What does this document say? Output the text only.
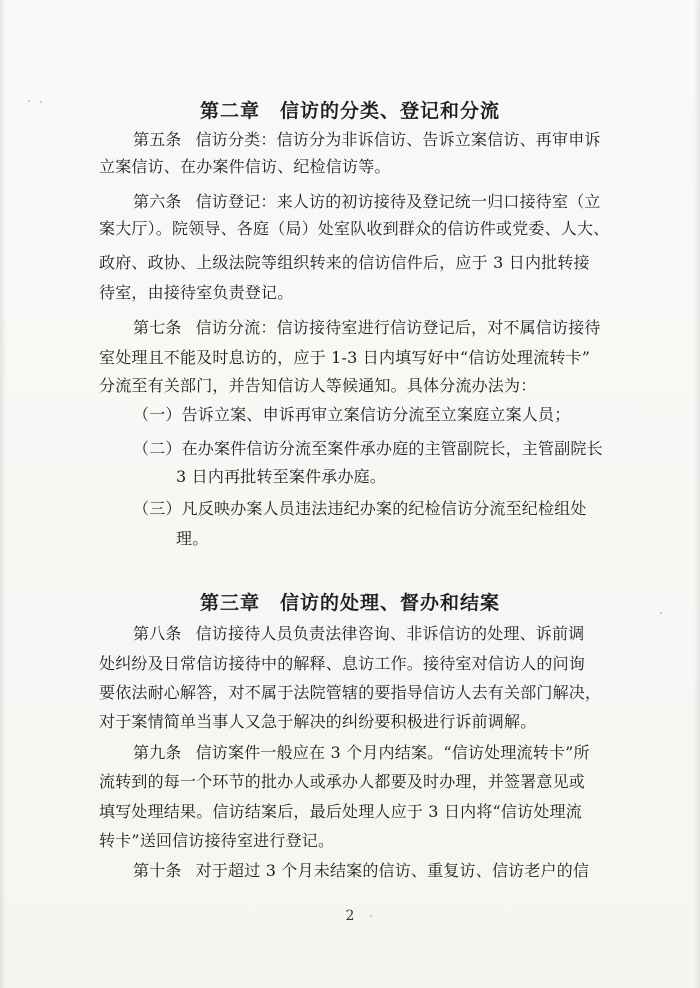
第二章　信访的分类、登记和分流
第五条 信访分类：信访分为非诉信访、告诉立案信访、再审申诉
立案信访、在办案件信访、纪检信访等。
第六条 信访登记：来人访的初访接待及登记统一归口接待室（立
案大厅）。院领导、各庭（局）处室队收到群众的信访件或党委、人大、
政府、政协、上级法院等组织转来的信访信件后，应于 3 日内批转接
待室，由接待室负责登记。
第七条 信访分流：信访接待室进行信访登记后，对不属信访接待
室处理且不能及时息访的，应于 1-3 日内填写好中“信访处理流转卡”
分流至有关部门，并告知信访人等候通知。具体分流办法为：
（一）告诉立案、申诉再审立案信访分流至立案庭立案人员；
（二）在办案件信访分流至案件承办庭的主管副院长，主管副院长
3 日内再批转至案件承办庭。
（三）凡反映办案人员违法违纪办案的纪检信访分流至纪检组处
理。
第三章　信访的处理、督办和结案
第八条 信访接待人员负责法律咨询、非诉信访的处理、诉前调
处纠纷及日常信访接待中的解释、息访工作。接待室对信访人的问询
要依法耐心解答，对不属于法院管辖的要指导信访人去有关部门解决，
对于案情简单当事人又急于解决的纠纷要积极进行诉前调解。
第九条 信访案件一般应在 3 个月内结案。“信访处理流转卡”所
流转到的每一个环节的批办人或承办人都要及时办理，并签署意见或
填写处理结果。信访结案后，最后处理人应于 3 日内将“信访处理流
转卡”送回信访接待室进行登记。
第十条 对于超过 3 个月未结案的信访、重复访、信访老户的信
2
